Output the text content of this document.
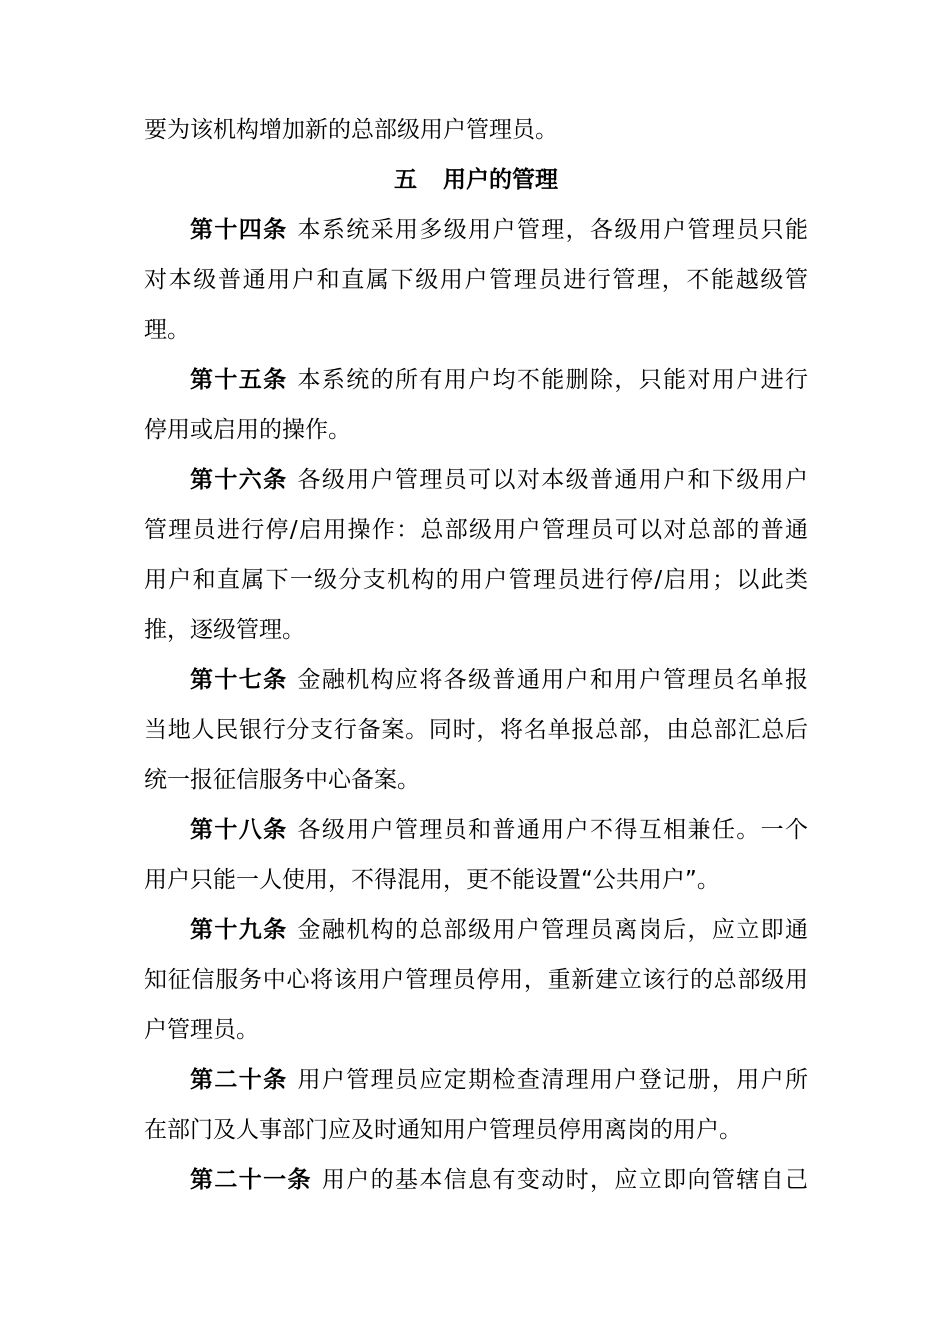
要为该机构增加新的总部级用户管理员。
五 用户的管理
第十四条 本系统采用多级用户管理，各级用户管理员只能
对本级普通用户和直属下级用户管理员进行管理，不能越级管
理。
第十五条 本系统的所有用户均不能删除，只能对用户进行
停用或启用的操作。
第十六条 各级用户管理员可以对本级普通用户和下级用户
管理员进行停/启用操作：总部级用户管理员可以对总部的普通
用户和直属下一级分支机构的用户管理员进行停/启用；以此类
推，逐级管理。
第十七条 金融机构应将各级普通用户和用户管理员名单报
当地人民银行分支行备案。同时，将名单报总部，由总部汇总后
统一报征信服务中心备案。
第十八条 各级用户管理员和普通用户不得互相兼任。一个
用户只能一人使用，不得混用，更不能设置“公共用户”。
第十九条 金融机构的总部级用户管理员离岗后，应立即通
知征信服务中心将该用户管理员停用，重新建立该行的总部级用
户管理员。
第二十条 用户管理员应定期检查清理用户登记册，用户所
在部门及人事部门应及时通知用户管理员停用离岗的用户。
第二十一条 用户的基本信息有变动时，应立即向管辖自己
